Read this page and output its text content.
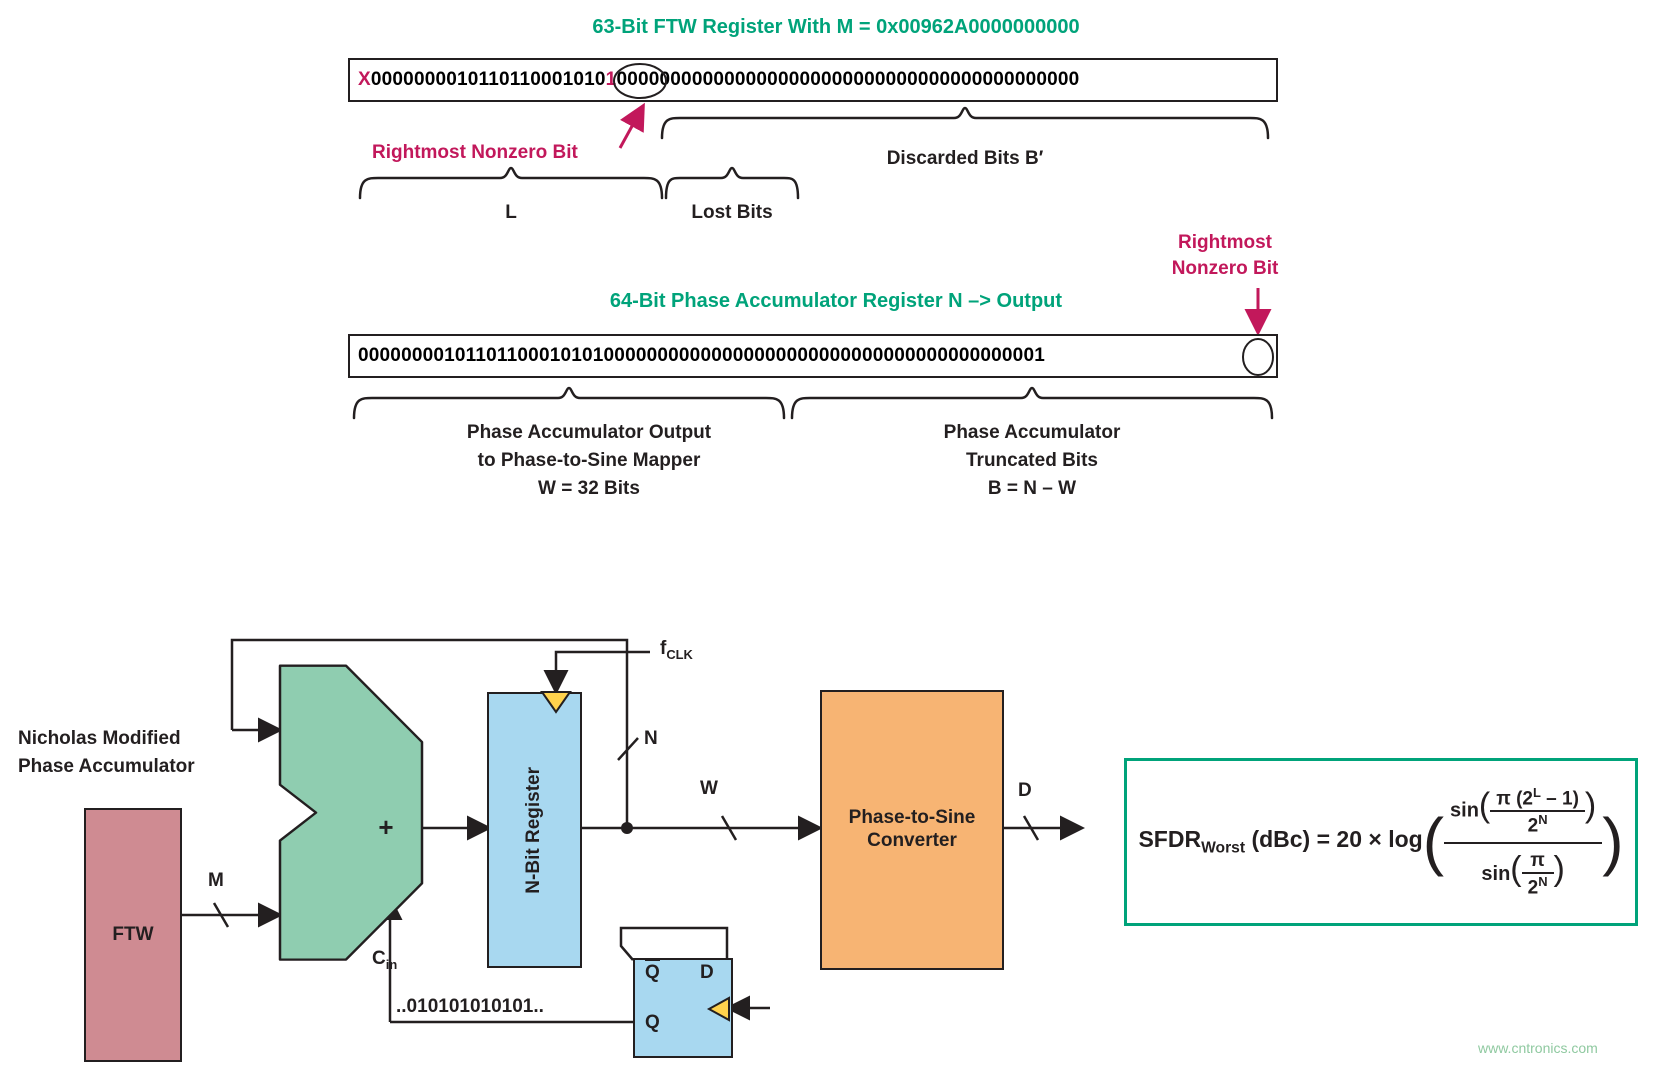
63-Bit FTW Register With M = 0x00962A0000000000
X000000001011011000101010000000000000000000000000000000000000000000
Rightmost Nonzero Bit	Discarded Bits B′
L	Lost Bits
Rightmost
Nonzero Bit
64-Bit Phase Accumulator Register N –> Output
0000000010110110001010100000000000000000000000000000000000000001
Phase Accumulator Output
to Phase-to-Sine Mapper
W = 32 Bits
Phase Accumulator
Truncated Bits
B = N – W
FTW
Nicholas Modified
Phase Accumulator
M
+
$C_{in}$
N-Bit Register
$f_{CLK}$
N
W
Phase-to-Sine
Converter
D
Q D
Q
..010101010101..
$SFDR_{Worst}$ (dBc) = 20 × log ( $\sin( \frac{\pi (2^L - 1)}{2^N}$ )
$\sin( \frac{\pi}{2^N}$ ) )
www.cntronics.com
